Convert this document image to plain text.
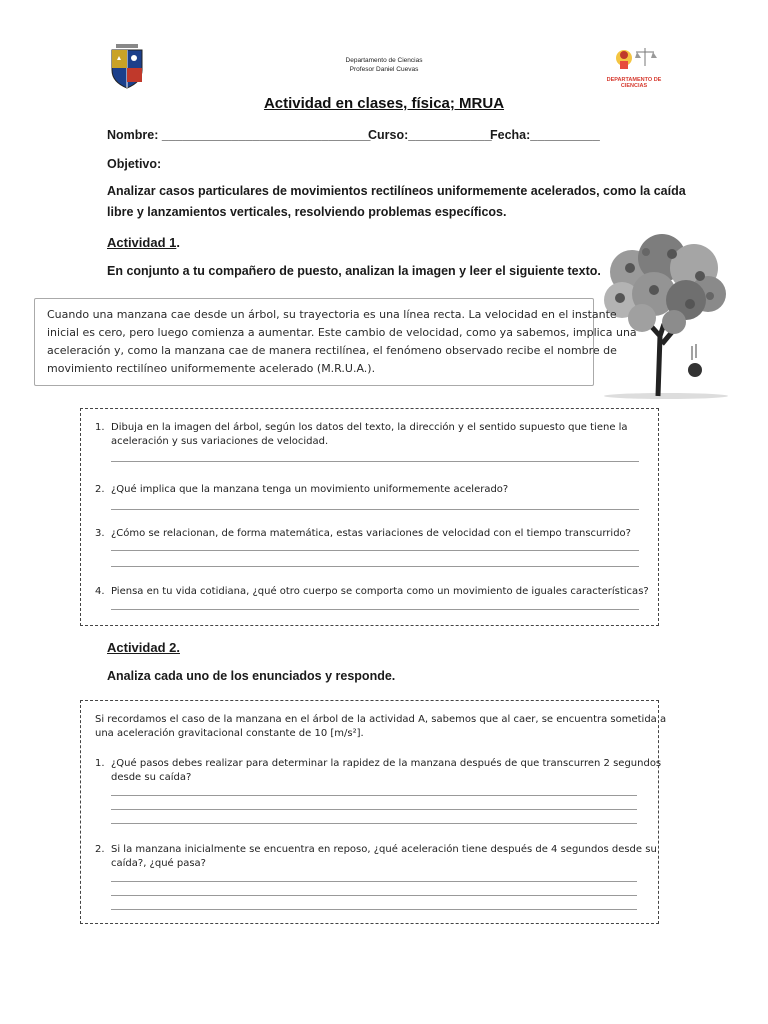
Departamento de Ciencias
Profesor Daniel Cuevas
DEPARTAMENTO DE CIENCIAS
Actividad en clases, física; MRUA
Nombre: ______________________________
Curso:____________
Fecha:__________
Objetivo:
Analizar casos particulares de movimientos rectilíneos uniformemente acelerados, como la caída
libre y lanzamientos verticales, resolviendo problemas específicos.
Actividad 1.
En conjunto a tu compañero de puesto, analizan la imagen y leer el siguiente texto.
Cuando una manzana cae desde un árbol, su trayectoria es una línea recta. La velocidad en el instante
inicial es cero, pero luego comienza a aumentar. Este cambio de velocidad, como ya sabemos, implica una
aceleración y, como la manzana cae de manera rectilínea, el fenómeno observado recibe el nombre de
movimiento rectilíneo uniformemente acelerado (M.R.U.A.).
1. Dibuja en la imagen del árbol, según los datos del texto, la dirección y el sentido supuesto que tiene la
aceleración y sus variaciones de velocidad.
2. ¿Qué implica que la manzana tenga un movimiento uniformemente acelerado?
3. ¿Cómo se relacionan, de forma matemática, estas variaciones de velocidad con el tiempo transcurrido?
4. Piensa en tu vida cotidiana, ¿qué otro cuerpo se comporta como un movimiento de iguales características?
Actividad 2.
Analiza cada uno de los enunciados y responde.
Si recordamos el caso de la manzana en el árbol de la actividad A, sabemos que al caer, se encuentra sometida a
una aceleración gravitacional constante de 10 [m/s²].
1. ¿Qué pasos debes realizar para determinar la rapidez de la manzana después de que transcurren 2 segundos
desde su caída?
2. Si la manzana inicialmente se encuentra en reposo, ¿qué aceleración tiene después de 4 segundos desde su
caída?, ¿qué pasa?
